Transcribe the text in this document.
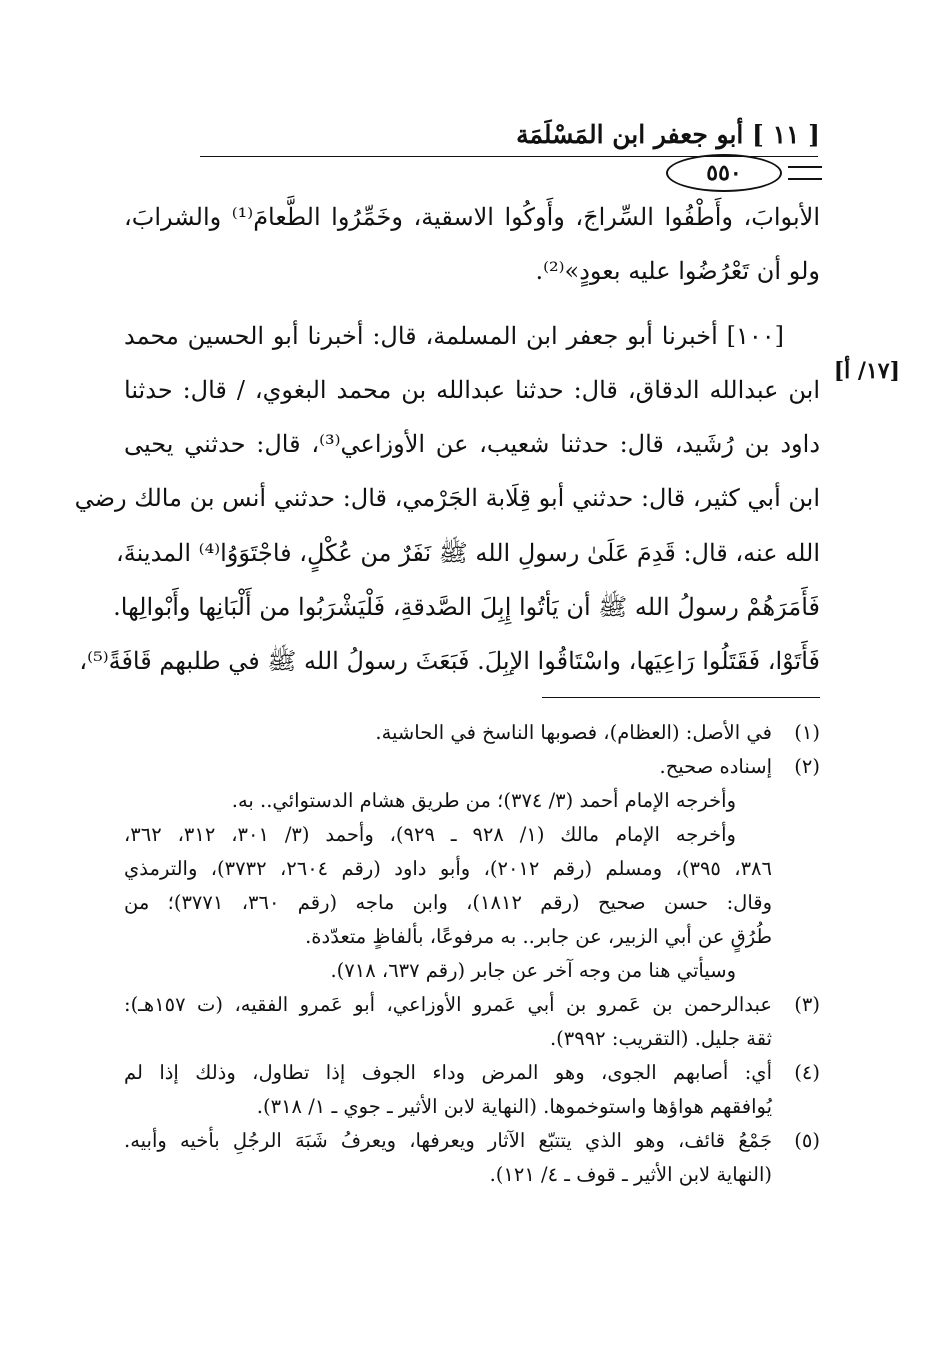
[ ١١ ] أبو جعفر ابن المَسْلَمَة
٥٥٠
[١٧/ أ]
الأبوابَ، وأَطْفُوا السِّراجَ، وأَوكُوا الاسقية، وخَمِّرُوا الطَّعامَ⁽¹⁾ والشرابَ،
ولو أن تَعْرُضُوا عليه بعودٍ»⁽²⁾.
[١٠٠] أخبرنا أبو جعفر ابن المسلمة، قال: أخبرنا أبو الحسين محمد
ابن عبدالله الدقاق، قال: حدثنا عبدالله بن محمد البغوي، / قال: حدثنا
داود بن رُشَيد، قال: حدثنا شعيب، عن الأوزاعي⁽³⁾، قال: حدثني يحيى
ابن أبي كثير، قال: حدثني أبو قِلَابة الجَرْمي، قال: حدثني أنس بن مالك رضي
الله عنه، قال: قَدِمَ عَلَىٰ رسولِ الله ﷺ نَفَرٌ من عُكْلٍ، فاجْتَوَوُا⁽⁴⁾ المدينةَ،
فَأَمَرَهُمْ رسولُ الله ﷺ أن يَأتُوا إِبِلَ الصَّدقةِ، فَلْيَشْرَبُوا من أَلْبَانِها وأَبْوالِها.
فَأَتَوْا، فَقَتَلُوا رَاعِيَها، واسْتَاقُوا الإبِلَ. فَبَعَثَ رسولُ الله ﷺ في طلبهم قَافَةً⁽⁵⁾،
(١)
في الأصل: (العظام)، فصوبها الناسخ في الحاشية.
(٢)
إسناده صحيح.
وأخرجه الإمام أحمد (٣/ ٣٧٤)؛ من طريق هشام الدستوائي.. به.
وأخرجه الإمام مالك (١/ ٩٢٨ ـ ٩٢٩)، وأحمد (٣/ ٣٠١، ٣١٢، ٣٦٢،
٣٨٦، ٣٩٥)، ومسلم (رقم ٢٠١٢)، وأبو داود (رقم ٢٦٠٤، ٣٧٣٢)، والترمذي
وقال: حسن صحيح (رقم ١٨١٢)، وابن ماجه (رقم ٣٦٠، ٣٧٧١)؛ من
طُرُقٍ عن أبي الزبير، عن جابر.. به مرفوعًا، بألفاظٍ متعدّدة.
وسيأتي هنا من وجه آخر عن جابر (رقم ٦٣٧، ٧١٨).
(٣)
عبدالرحمن بن عَمرو بن أبي عَمرو الأوزاعي، أبو عَمرو الفقيه، (ت ١٥٧هـ):
ثقة جليل. (التقريب: ٣٩٩٢).
(٤)
أي: أصابهم الجوى، وهو المرض وداء الجوف إذا تطاول، وذلك إذا لم
يُوافقهم هواؤها واستوخموها. (النهاية لابن الأثير ـ جوي ـ ١/ ٣١٨).
(٥)
جَمْعُ قائف، وهو الذي يتتبّع الآثار ويعرفها، ويعرفُ شَبَهَ الرجُلِ بأخيه وأبيه.
(النهاية لابن الأثير ـ قوف ـ ٤/ ١٢١).
